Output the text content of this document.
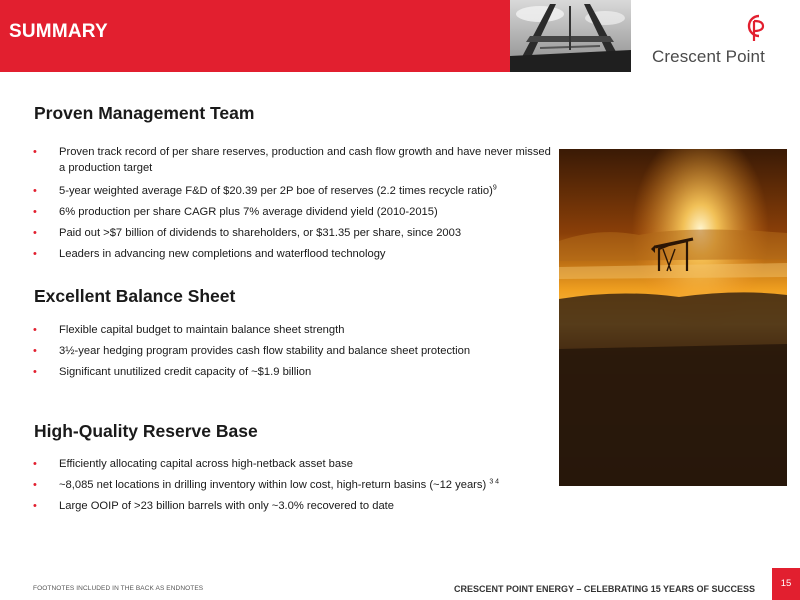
SUMMARY
Crescent Point
Proven Management Team
• Proven track record of per share reserves, production and cash flow growth and have never missed a production target
• 5-year weighted average F&D of $20.39 per 2P boe of reserves (2.2 times recycle ratio)$^9$
• 6% production per share CAGR plus 7% average dividend yield (2010-2015)
• Paid out >$7 billion of dividends to shareholders, or $31.35 per share, since 2003
• Leaders in advancing new completions and waterflood technology
Excellent Balance Sheet
• Flexible capital budget to maintain balance sheet strength
• 3½-year hedging program provides cash flow stability and balance sheet protection
• Significant unutilized credit capacity of ~$1.9 billion
High-Quality Reserve Base
• Efficiently allocating capital across high-netback asset base
• ~8,085 net locations in drilling inventory within low cost, high-return basins (~12 years) $^{3 4}$
• Large OOIP of >23 billion barrels with only ~3.0% recovered to date
FOOTNOTES INCLUDED IN THE BACK AS ENDNOTES	CRESCENT POINT ENERGY – CELEBRATING 15 YEARS OF SUCCESS	15
